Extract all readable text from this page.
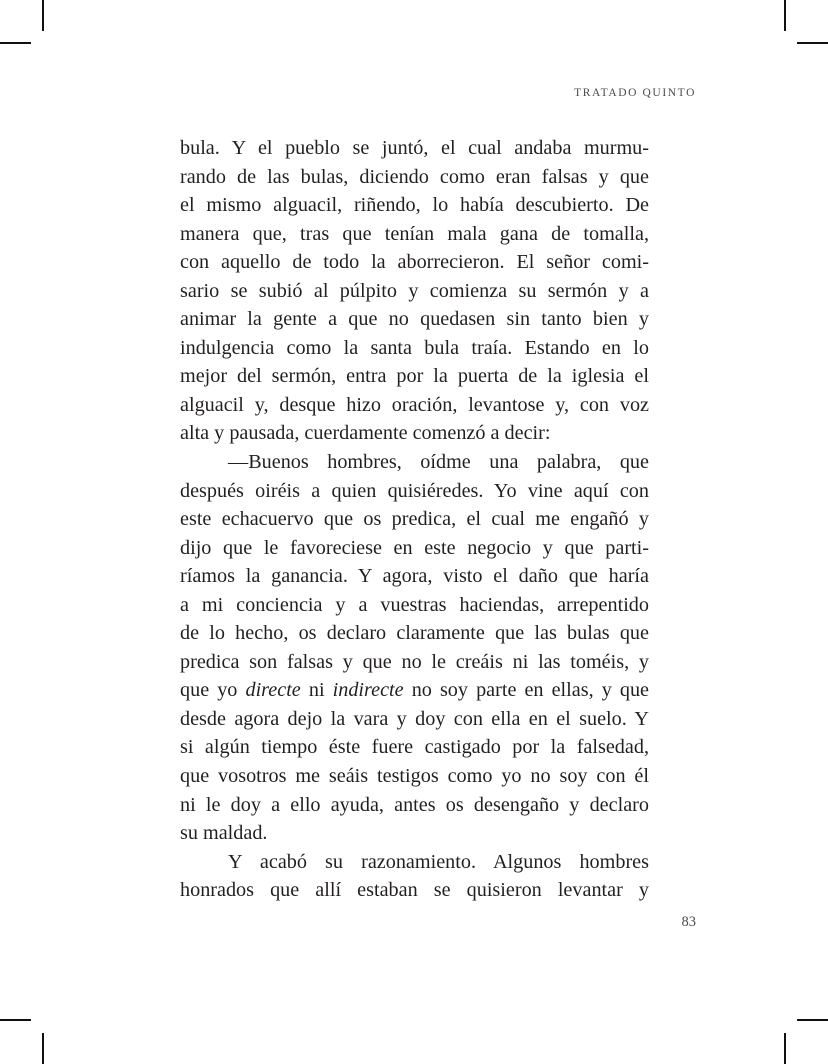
TRATADO QUINTO
bula. Y el pueblo se juntó, el cual andaba murmu-
rando de las bulas, diciendo como eran falsas y que
el mismo alguacil, riñendo, lo había descubierto. De
manera que, tras que tenían mala gana de tomalla,
con aquello de todo la aborrecieron. El señor comi-
sario se subió al púlpito y comienza su sermón y a
animar la gente a que no quedasen sin tanto bien y
indulgencia como la santa bula traía. Estando en lo
mejor del sermón, entra por la puerta de la iglesia el
alguacil y, desque hizo oración, levantose y, con voz
alta y pausada, cuerdamente comenzó a decir:
—Buenos hombres, oídme una palabra, que
después oiréis a quien quisiéredes. Yo vine aquí con
este echacuervo que os predica, el cual me engañó y
dijo que le favoreciese en este negocio y que parti-
ríamos la ganancia. Y agora, visto el daño que haría
a mi conciencia y a vuestras haciendas, arrepentido
de lo hecho, os declaro claramente que las bulas que
predica son falsas y que no le creáis ni las toméis, y
que yo directe ni indirecte no soy parte en ellas, y que
desde agora dejo la vara y doy con ella en el suelo. Y
si algún tiempo éste fuere castigado por la falsedad,
que vosotros me seáis testigos como yo no soy con él
ni le doy a ello ayuda, antes os desengaño y declaro
su maldad.
Y acabó su razonamiento. Algunos hombres
honrados que allí estaban se quisieron levantar y
83
